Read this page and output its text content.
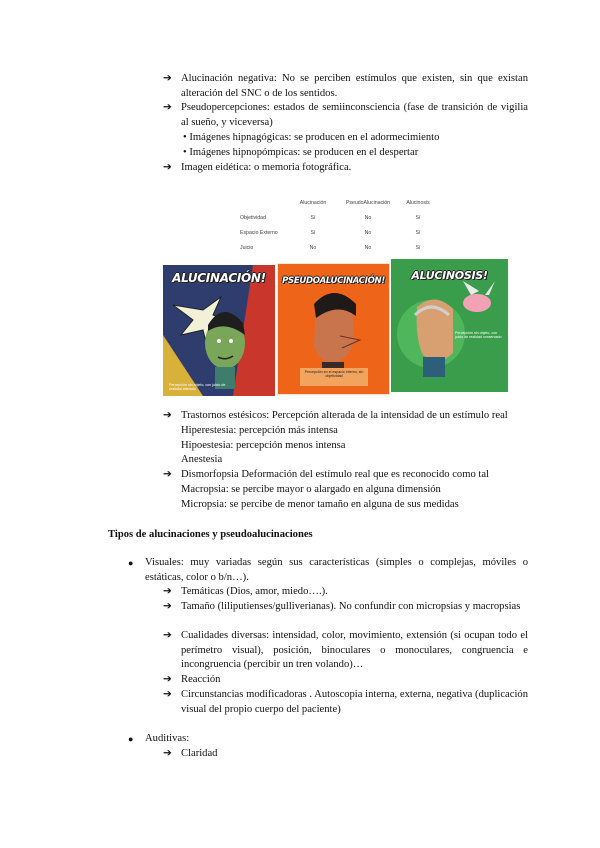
➔ Alucinación negativa: No se perciben estímulos que existen, sin que existan alteración del SNC o de los sentidos.
➔ Pseudopercepciones: estados de semiinconsciencia (fase de transición de vigilia al sueño, y viceversa)
• Imágenes hipnagógicas: se producen en el adormecimiento
• Imágenes hipnopómpicas: se producen en el despertar
➔ Imagen eidética: o memoria fotográfica.
	Alucinación	PseudoAlucinación	Alucinosis
Objetividad	Sí	No	Sí
Espacio Externo	Sí	No	Sí
Juicio	No	No	Sí
ALUCINACIÓN!
Percepción sin objeto, con juicio de realidad alterado
PSEUDOALUCINACIÓN!
Percepción en el espacio interno, sin objetividad
ALUCINOSIS!
Percepción sin objeto, con juicio de realidad conservado
➔ Trastornos estésicos: Percepción alterada de la intensidad de un estímulo real
Hiperestesia: percepción más intensa
Hipoestesia: percepción menos intensa
Anestesia
➔ Dismorfopsia Deformación del estímulo real que es reconocido como tal
Macropsia: se percibe mayor o alargado en alguna dimensión
Micropsia: se percibe de menor tamaño en alguna de sus medidas
Tipos de alucinaciones y pseudoalucinaciones
● Visuales: muy variadas según sus características (simples o complejas, móviles o estáticas, color o b/n…).
➔ Temáticas (Dios, amor, miedo….).
➔ Tamaño (liliputienses/gulliverianas). No confundir con micropsias y macropsias
➔ Cualidades diversas: intensidad, color, movimiento, extensión (si ocupan todo el perímetro visual), posición, binoculares o monoculares, congruencia e incongruencia (percibir un tren volando)…
➔ Reacción
➔ Circunstancias modificadoras . Autoscopia interna, externa, negativa (duplicación visual del propio cuerpo del paciente)
● Auditivas:
➔ Claridad
